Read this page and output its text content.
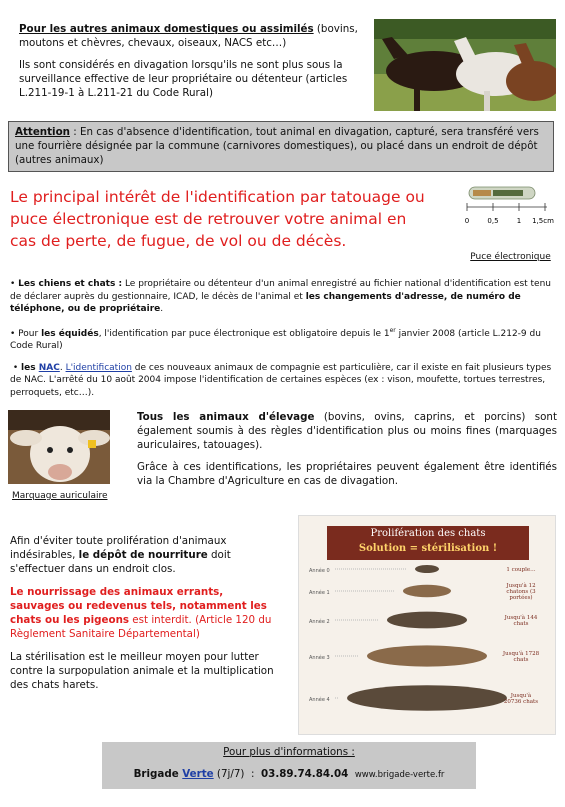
Pour les autres animaux domestiques ou assimilés (bovins, moutons et chèvres, chevaux, oiseaux, NACS etc…)

Ils sont considérés en divagation lorsqu'ils ne sont plus sous la surveillance effective de leur propriétaire ou détenteur (articles L.211-19-1 à L.211-21 du Code Rural)

Attention : En cas d'absence d'identification, tout animal en divagation, capturé, sera transféré vers une fourrière désignée par la commune (carnivores domestiques), ou placé dans un endroit de dépôt (autres animaux)
Le principal intérêt de l'identification par tatouage ou puce électronique est de retrouver votre animal en cas de perte, de fugue, de vol ou de décès.
0	0,5	1 1,5cm
Puce électronique

• Les chiens et chats : Le propriétaire ou détenteur d'un animal enregistré au fichier national d'identification est tenu de déclarer auprès du gestionnaire, ICAD, le décès de l'animal et les changements d'adresse, de numéro de téléphone, ou de propriétaire.

• Pour les équidés, l'identification par puce électronique est obligatoire depuis le 1er janvier 2008 (article L.212-9 du Code Rural)

• les NAC. L'identification de ces nouveaux animaux de compagnie est particulière, car il existe en fait plusieurs types de NAC. L'arrêté du 10 août 2004 impose l'identification de certaines espèces (ex : vison, moufette, tortues terrestres, perroquets, etc…).

Marquage auriculaire

Tous les animaux d'élevage (bovins, ovins, caprins, et porcins) sont également soumis à des règles d'identification plus ou moins fines (marquages auriculaires, tatouages).

Grâce à ces identifications, les propriétaires peuvent également être identifiés via la Chambre d'Agriculture en cas de divagation.

Afin d'éviter toute prolifération d'animaux indésirables, le dépôt de nourriture doit s'effectuer dans un endroit clos.

Le nourrissage des animaux errants, sauvages ou redevenus tels, notamment les chats ou les pigeons est interdit. (Article 120 du Règlement Sanitaire Départemental)

La stérilisation est le meilleur moyen pour lutter contre la surpopulation animale et la multiplication des chats harets.

Prolifération des chats
Solution = stérilisation !
Année 0	1 couple…
Année 1
Jusqu'à 12
chatons (3
portées)
Année 2
Jusqu'à 144
chats
Année 3
Jusqu'à 1728
chats
Année 4
Jusqu'à
20736 chats
Pour plus d'informations :
Brigade Verte (7j/7) : 03.89.74.84.04 www.brigade-verte.fr
